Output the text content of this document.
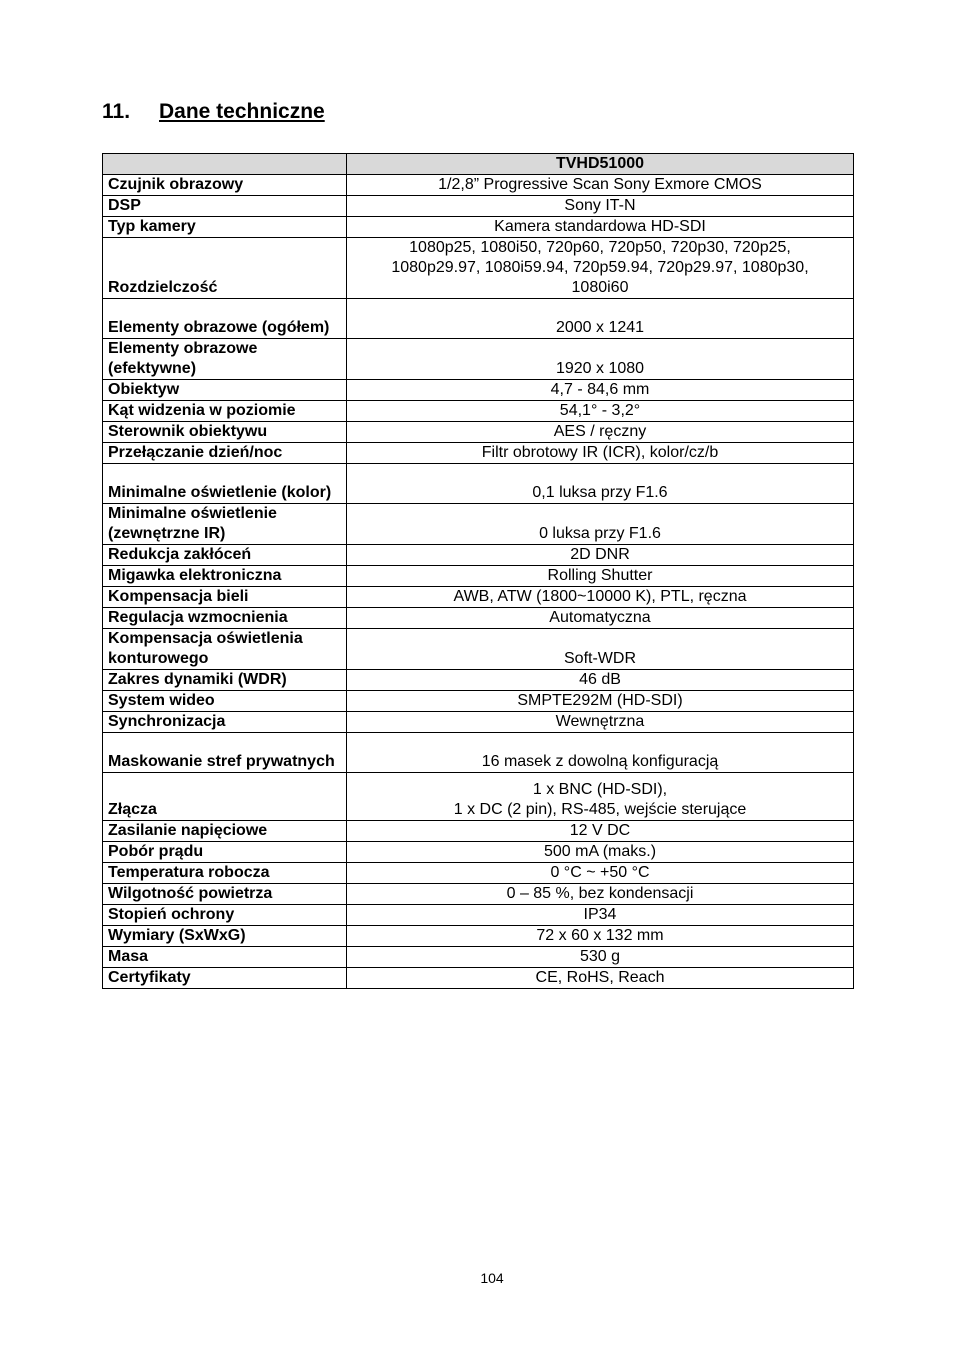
11.	Dane techniczne
	TVHD51000
Czujnik obrazowy	1/2,8” Progressive Scan Sony Exmore CMOS

DSP	Sony IT-N

Typ kamery	Kamera standardowa HD-SDI

Rozdzielczość	1080p25, 1080i50, 720p60, 720p50, 720p30, 720p25,
1080p29.97, 1080i59.94, 720p59.94, 720p29.97, 1080p30,
1080i60

Elementy obrazowe (ogółem)	2000 x 1241

Elementy obrazowe (efektywne)	1920 x 1080

Obiektyw	4,7 - 84,6 mm

Kąt widzenia w poziomie	54,1° - 3,2°

Sterownik obiektywu	AES / ręczny

Przełączanie dzień/noc	Filtr obrotowy IR (ICR), kolor/cz/b

Minimalne oświetlenie (kolor)	0,1 luksa przy F1.6

Minimalne oświetlenie (zewnętrzne IR)	0 luksa przy F1.6

Redukcja zakłóceń	2D DNR

Migawka elektroniczna	Rolling Shutter

Kompensacja bieli	AWB, ATW (1800~10000 K), PTL, ręczna

Regulacja wzmocnienia	Automatyczna

Kompensacja oświetlenia konturowego	Soft-WDR

Zakres dynamiki (WDR)	46 dB

System wideo	SMPTE292M (HD-SDI)

Synchronizacja	Wewnętrzna

Maskowanie stref prywatnych	16 masek z dowolną konfiguracją

Złącza	1 x BNC (HD-SDI),
1 x DC (2 pin), RS-485, wejście sterujące

Zasilanie napięciowe	12 V DC

Pobór prądu	500 mA (maks.)

Temperatura robocza	0 °C ~ +50 °C

Wilgotność powietrza	0 – 85 %, bez kondensacji

Stopień ochrony	IP34

Wymiary (SxWxG)	72 x 60 x 132 mm

Masa	530 g

Certyfikaty	CE, RoHS, Reach
104
